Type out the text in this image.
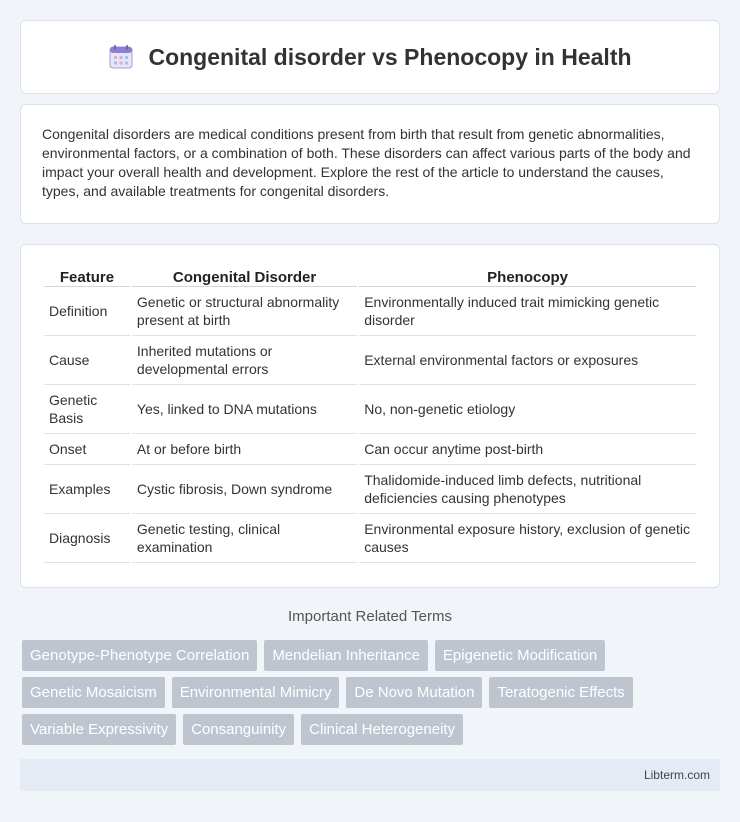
Congenital disorder vs Phenocopy in Health

Congenital disorders are medical conditions present from birth that result from genetic abnormalities, environmental factors, or a combination of both. These disorders can affect various parts of the body and impact your overall health and development. Explore the rest of the article to understand the causes, types, and available treatments for congenital disorders.

Feature	Congenital Disorder	Phenocopy
Definition	Genetic or structural abnormality present at birth	Environmentally induced trait mimicking genetic disorder
Cause	Inherited mutations or developmental errors	External environmental factors or exposures
Genetic Basis	Yes, linked to DNA mutations	No, non-genetic etiology
Onset	At or before birth	Can occur anytime post-birth
Examples	Cystic fibrosis, Down syndrome	Thalidomide-induced limb defects, nutritional deficiencies causing phenotypes
Diagnosis	Genetic testing, clinical examination	Environmental exposure history, exclusion of genetic causes
Important Related Terms
Genotype-Phenotype Correlation	Mendelian Inheritance	Epigenetic Modification
Genetic Mosaicism	Environmental Mimicry	De Novo Mutation	Teratogenic Effects
Variable Expressivity	Consanguinity	Clinical Heterogeneity
Libterm.com
